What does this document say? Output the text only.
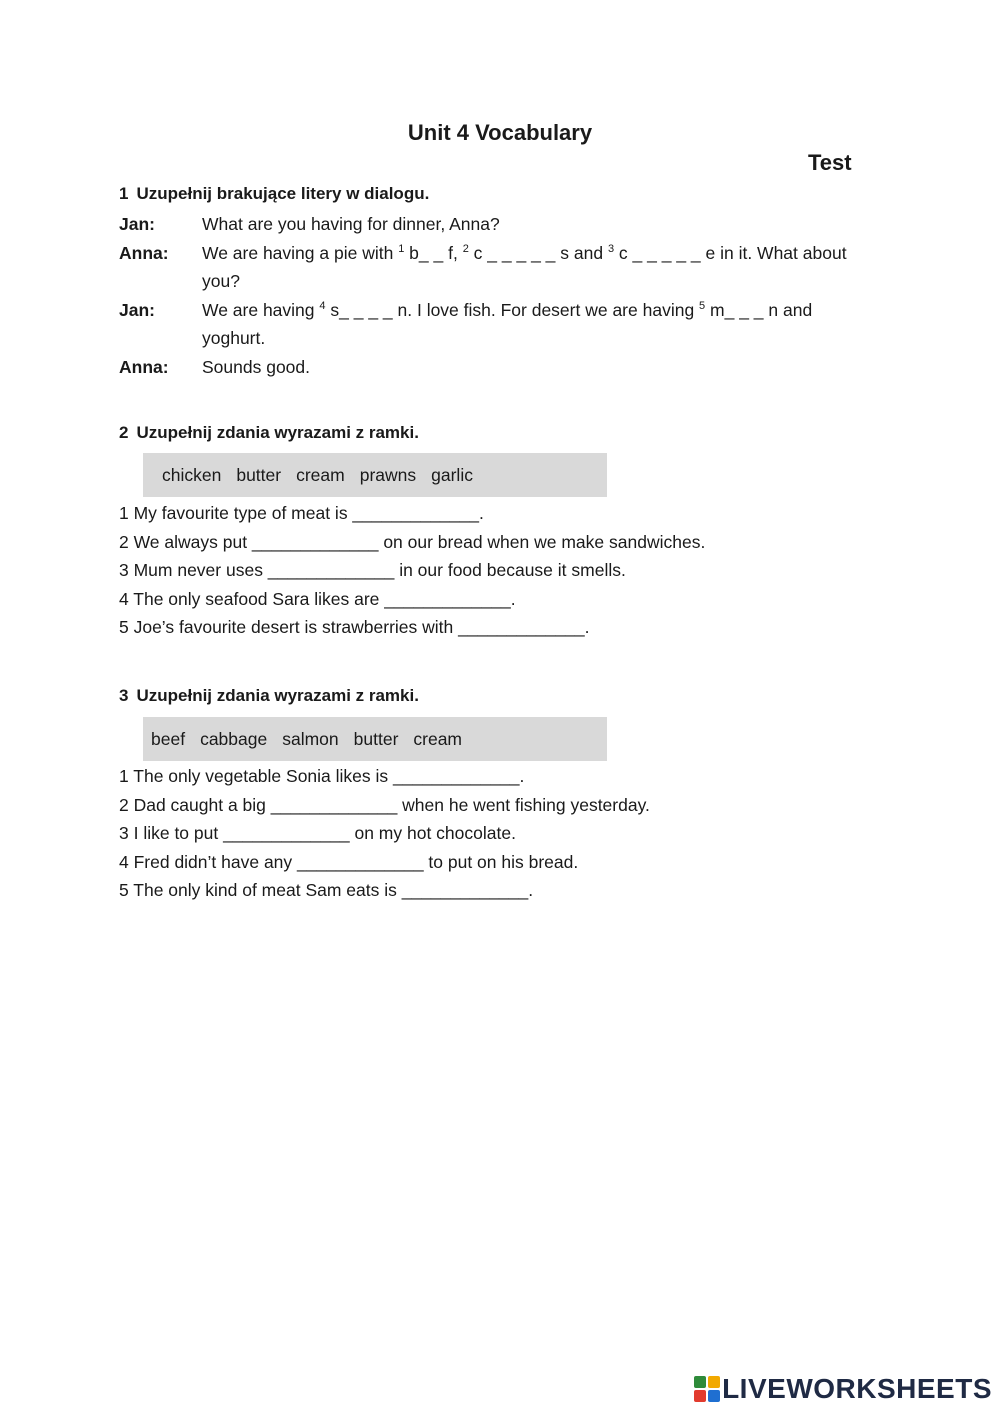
Unit 4 Vocabulary
Test
1 Uzupełnij brakujące litery w dialogu.
Jan:	What are you having for dinner, Anna?
Anna:	We are having a pie with $^1$ b_ _ f, $^2$ c _ _ _ _ _ s and $^3$ c _ _ _ _ _ e in it. What about you?
Jan:	We are having $^4$ s_ _ _ _ n. I love fish. For desert we are having $^5$ m_ _ _ n and yoghurt.
Anna:	Sounds good.
2 Uzupełnij zdania wyrazami z ramki.
chicken butter cream prawns garlic
1 My favourite type of meat is _____________.
2 We always put _____________ on our bread when we make sandwiches.
3 Mum never uses _____________ in our food because it smells.
4 The only seafood Sara likes are _____________.
5 Joe’s favourite desert is strawberries with _____________.
3 Uzupełnij zdania wyrazami z ramki.
beef cabbage salmon butter cream
1 The only vegetable Sonia likes is _____________.
2 Dad caught a big _____________ when he went fishing yesterday.
3 I like to put _____________ on my hot chocolate.
4 Fred didn’t have any _____________ to put on his bread.
5 The only kind of meat Sam eats is _____________.
LIVEWORKSHEETS
